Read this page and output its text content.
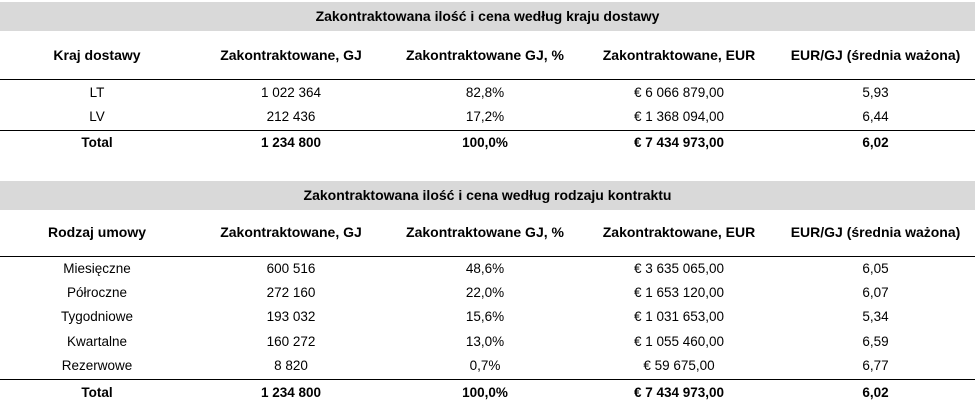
Zakontraktowana ilość i cena według kraju dostawy
Kraj dostawy	Zakontraktowane, GJ	Zakontraktowane GJ, %	Zakontraktowane, EUR	EUR/GJ (średnia ważona)
LT	1 022 364	82,8%	€ 6 066 879,00	5,93
LV	212 436	17,2%	€ 1 368 094,00	6,44
Total	1 234 800	100,0%	€ 7 434 973,00	6,02
Zakontraktowana ilość i cena według rodzaju kontraktu
Rodzaj umowy	Zakontraktowane, GJ	Zakontraktowane GJ, %	Zakontraktowane, EUR	EUR/GJ (średnia ważona)
Miesięczne	600 516	48,6%	€ 3 635 065,00	6,05
Półroczne	272 160	22,0%	€ 1 653 120,00	6,07
Tygodniowe	193 032	15,6%	€ 1 031 653,00	5,34
Kwartalne	160 272	13,0%	€ 1 055 460,00	6,59
Rezerwowe	8 820	0,7%	€ 59 675,00	6,77
Total	1 234 800	100,0%	€ 7 434 973,00	6,02
